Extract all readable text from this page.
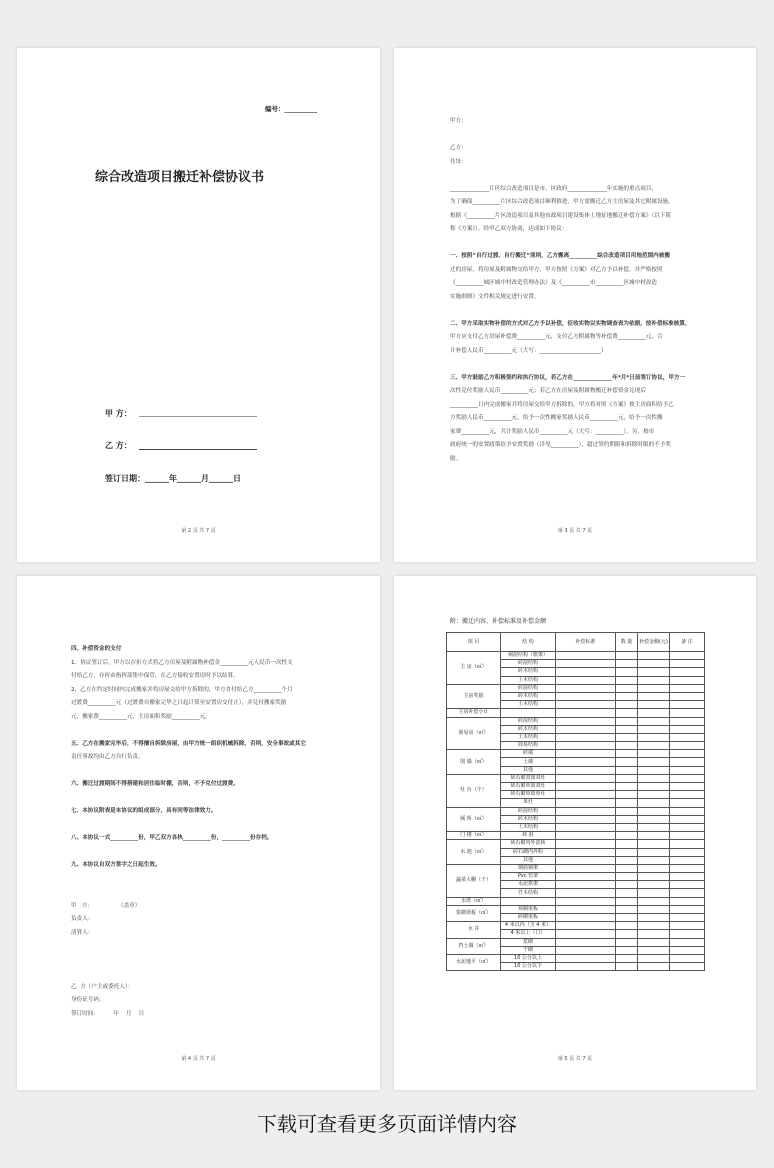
编号：__________
综合改造项目搬迁补偿协议书
甲 方：
乙 方：
签订日期：______年______月______日
第 2 页 共 7 页

甲方：

乙方：
住址：

______________片区综合改造项目是市、区政府______________年实施的重点项目，
为了确保__________片区综合改造项目顺利推进，甲方需搬迁乙方主房屋及其它附属设施。
根据《__________片区改造项目及其他市政项目建设集体土地征地搬迁补偿方案》（以下简
称《方案》），经甲乙双方协商，达成如下协议：

一、按照“自行过渡、自行搬迁”原则，乙方搬离__________综合改造项目用地范围内被搬
迁的房屋，将房屋及附属物交给甲方，甲方按照《方案》对乙方予以补偿，并严格按照
《__________城区城中村改造管理办法》及《__________市__________区城中村改造
实施细则》文件相关规定进行安置。

二、甲方采取实物补偿的方式对乙方予以补偿，征收实物以实物调查表为依据，按补偿标准核算，
甲方应支付乙方房屋补偿费__________元，支付乙方附属物等补偿费__________元，合
计补偿人民币__________元（大写：______________________）

三、甲方鼓励乙方积极签约和执行协议，若乙方在______________年*月*日前签订协议，甲方一
次性兑付奖励人民币__________元；若乙方在房屋及附属物搬迁补偿资金兑现后
__________日内完成搬家并将房屋交给甲方拆除的，甲方将对照《方案》按主房面积给予乙
方奖励人民币__________元，给予一次性搬家奖励人民币__________元，给予一次性搬
家费__________元，共计奖励人民币__________元（大写：__________）。另，按市
政府统一的安置政策给予安置奖励（详见__________），超过签约期限和拆除时限的不予奖
励。

第 3 页 共 7 页

四、补偿资金的支付
1、协议签订后，甲方以存折方式将乙方房屋及附属物补偿金__________元人民币一次性支
付给乙方，存折由指挥部集中保管，在乙方接收安置房时予以结算。
2、乙方在约定时间内完成搬家并将房屋交给甲方拆除的，甲方直付给乙方__________个月
过渡费__________元（过渡费自搬家完毕之日起计算至安置房交付止），并兑付搬家奖励
元，搬家费__________元，主房面积奖励__________元。

五、乙方在搬家完毕后，不得擅自拆除房屋，由甲方统一组织机械拆除，否则，安全事故或其它
责任事故均由乙方自行负责。

六、搬迁过渡期间不得搭建和居住临时棚，否则，不予兑付过渡费。

七、本协议附表是本协议的组成部分，具有同等法律效力。

八、本协议一式__________份，甲乙双方各执__________份，__________份存档。

九、本协议自双方签字之日起生效。

甲   方：              （盖章）
负责人：
清算人：

乙  方（户主或委托人）：
身份证号码：
签订时间：        年    月    日

第 4 页 共 7 页
附：搬迁内容、补偿标准及补偿金额
项 目	结 构	补偿标准	数 量	补偿金额(元)	备 注
主 房（㎡）	钢混结构（框架）				
	砖混结构				
	砖木结构				
	土木结构				
主房奖励	砖混结构				
	砖木结构				
	土木结构				
主房补偿小计					
简易房（㎡）	砖混结构				
	砖木结构				
	土木结构				
	简易结构				
围 墙（㎡）	砖墙				
	土墙				
	其他				
灶 台（个）	砖石砌双筒双灶				
	砖石砌单筒双灶				
	砖石砌单筒单灶				
	单灶				
厕 所（㎡）	砖混结构				
	砖木结构				
	土木结构				
门 楼（㎡）	砖 混				
水 池（㎡）	砖石砌内外瓷砖				
	砖石砌内外粉				
	其他				
蔬菜大棚（个）	钢筋钢架				
	Pvc 管架				
	水泥拱架				
	竹木结构				
水塔（㎡）					
浆砌渠板（㎡）	预制渠板				
	砖砌渠板				
水 井	4 米以内（含 4 米）				
	4 米以上（口）				
挡土墙（㎡）	浆砌				
	干砌				
水泥地平（㎡）	10 公分以上				
	10 公分以下				
第 5 页 共 7 页
下载可查看更多页面详情内容
